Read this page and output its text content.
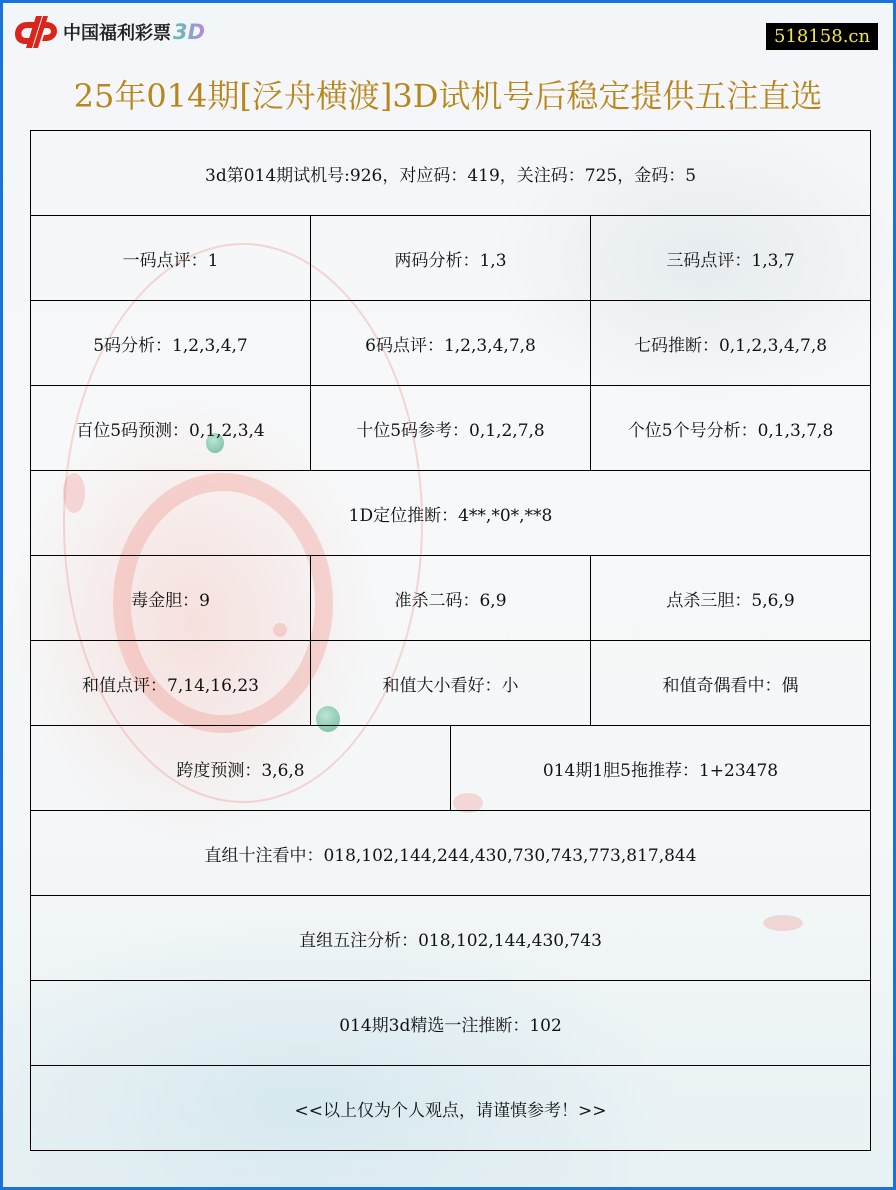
中国福利彩票 3D	518158.cn
25年014期[泛舟横渡]3D试机号后稳定提供五注直选
3d第014期试机号:926，对应码：419，关注码：725，金码：5			
一码点评：1	两码分析：1,3		三码点评：1,3,7
5码分析：1,2,3,4,7	6码点评：1,2,3,4,7,8		七码推断：0,1,2,3,4,7,8
百位5码预测：0,1,2,3,4	十位5码参考：0,1,2,7,8		个位5个号分析：0,1,3,7,8
1D定位推断：4**,*0*,**8			
毒金胆：9	准杀二码：6,9		点杀三胆：5,6,9
和值点评：7,14,16,23	和值大小看好：小		和值奇偶看中：偶
跨度预测：3,6,8		014期1胆5拖推荐：1+23478	
直组十注看中：018,102,144,244,430,730,743,773,817,844			
直组五注分析：018,102,144,430,743			
014期3d精选一注推断：102			
<<以上仅为个人观点，请谨慎参考！>>			
